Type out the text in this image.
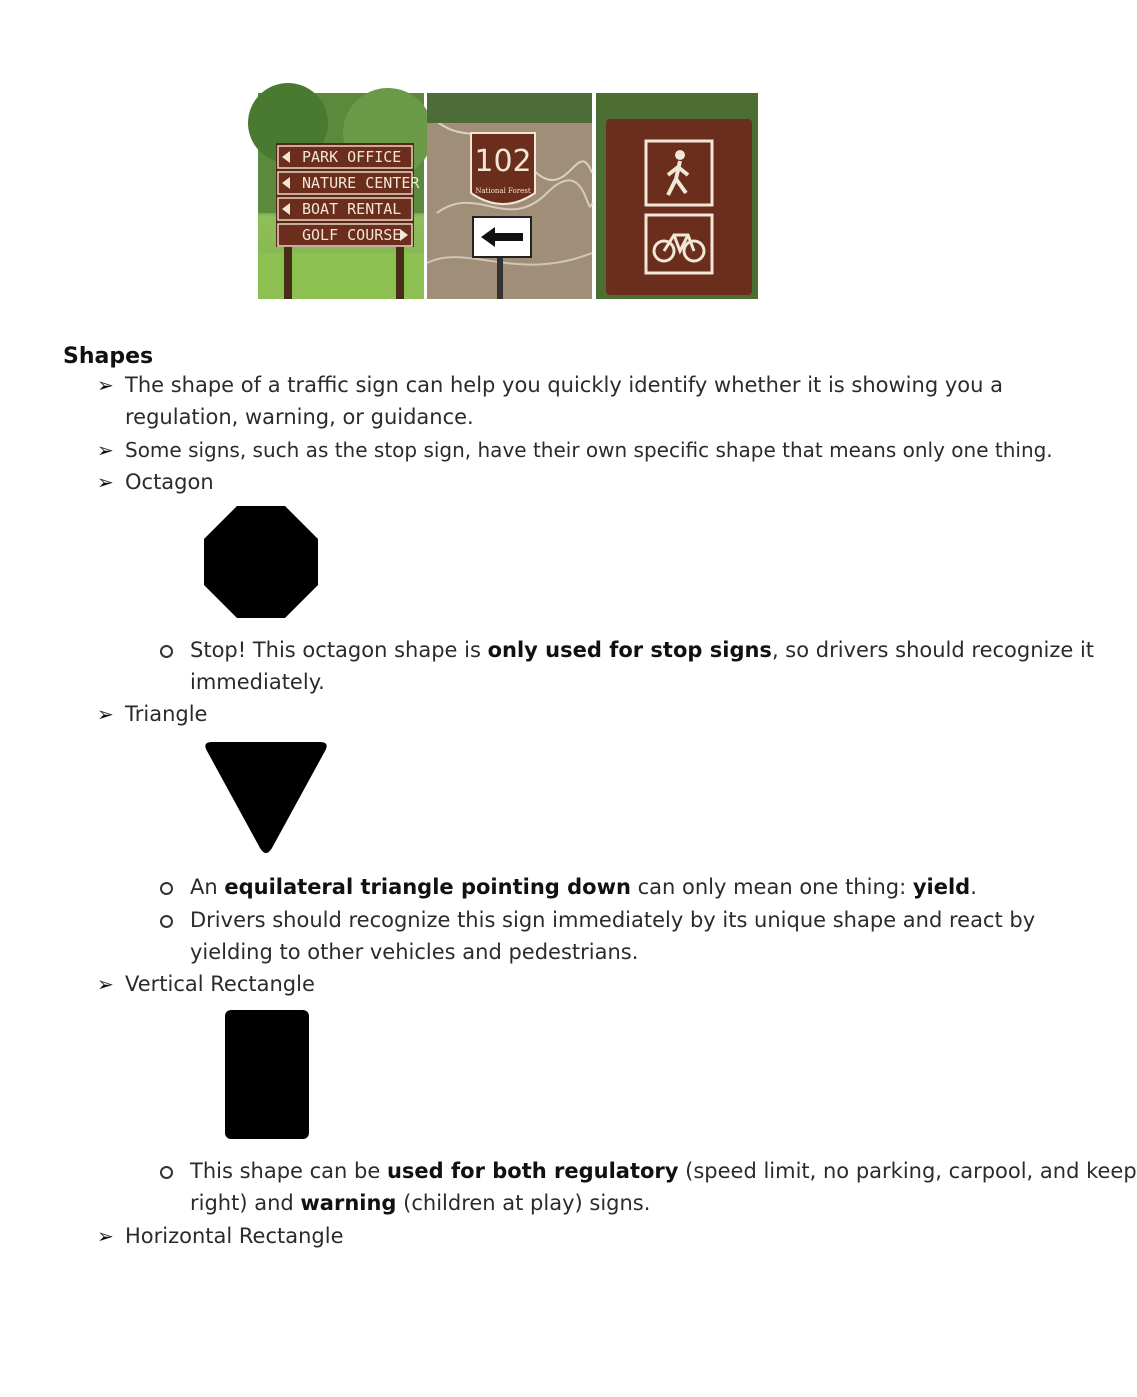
PARK OFFICE
NATURE CENTER
BOAT RENTAL
GOLF COURSE
102
National Forest
Shapes
➢ The shape of a traffic sign can help you quickly identify whether it is showing you a
regulation, warning, or guidance.
➢ Some signs, such as the stop sign, have their own specific shape that means only one thing.
➢ Octagon
Stop! This octagon shape is only used for stop signs, so drivers should recognize it
immediately.
➢ Triangle
An equilateral triangle pointing down can only mean one thing: yield.
Drivers should recognize this sign immediately by its unique shape and react by
yielding to other vehicles and pedestrians.
➢ Vertical Rectangle
This shape can be used for both regulatory (speed limit, no parking, carpool, and keep
right) and warning (children at play) signs.
➢ Horizontal Rectangle
